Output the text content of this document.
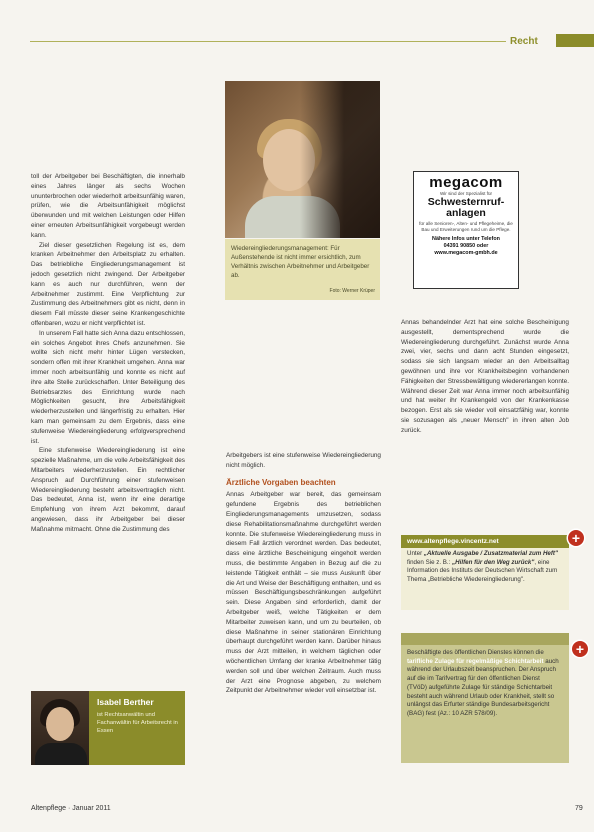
Recht

toll der Arbeitgeber bei Beschäftigten, die innerhalb eines Jahres länger als sechs Wochen ununterbrochen oder wiederholt arbeitsunfähig waren, prüfen, wie die Arbeitsunfähigkeit möglichst überwunden und mit welchen Leistungen oder Hilfen einer erneuten Arbeitsunfähigkeit vorgebeugt werden kann.

Ziel dieser gesetzlichen Regelung ist es, dem kranken Arbeitnehmer den Arbeitsplatz zu erhalten. Das betriebliche Eingliederungsmanagement ist jedoch gesetzlich nicht zwingend. Der Arbeitgeber kann es auch nur durchführen, wenn der Arbeitnehmer zustimmt. Eine Verpflichtung zur Zustimmung des Arbeitnehmers gibt es nicht, denn in diesem Fall müsste dieser seine Krankengeschichte offenbaren, wozu er nicht verpflichtet ist.

In unserem Fall hatte sich Anna dazu entschlossen, ein solches Angebot ihres Chefs anzunehmen. Sie wollte sich nicht mehr hinter Lügen verstecken, sondern offen mit ihrer Krankheit umgehen. Anna war immer noch arbeitsunfähig und konnte es nicht auf ihre alte Stelle zurückschaffen. Unter Beteiligung des Betriebsarztes des Einrichtung wurde nach Möglichkeiten gesucht, ihre Arbeitsfähigkeit wiederherzustellen und längerfristig zu erhalten. Hier kam man gemeinsam zu dem Ergebnis, dass eine stufenweise Wiedereingliederung erfolgversprechend ist.

Eine stufenweise Wiedereingliederung ist eine spezielle Maßnahme, um die volle Arbeitsfähigkeit des Mitarbeiters wiederherzustellen. Ein rechtlicher Anspruch auf Durchführung einer stufenweisen Wiedereingliederung besteht arbeitsvertraglich nicht. Das bedeutet, Anna ist, wenn ihr eine derartige Empfehlung von ihrem Arzt bekommt, darauf angewiesen, dass ihr Arbeitgeber bei dieser Maßnahme mitmacht. Ohne die Zustimmung des

Wiedereingliederungsmanagement: Für Außenstehende ist nicht immer ersichtlich, zum Verhältnis zwischen Arbeitnehmer und Arbeitgeber ab.
Foto: Werner Krüper

Arbeitgebers ist eine stufenweise Wiedereingliederung nicht möglich.

Ärztliche Vorgaben beachten

Annas Arbeitgeber war bereit, das gemeinsam gefundene Ergebnis des betrieblichen Eingliederungsmanagements umzusetzen, sodass diese Rehabilitationsmaßnahme durchgeführt werden konnte. Die stufenweise Wiedereingliederung muss in diesem Fall ärztlich verordnet werden. Das bedeutet, dass eine ärztliche Bescheinigung eingeholt werden muss, die bestimmte Angaben in Bezug auf die zu leistende Tätigkeit enthält – sie muss Auskunft über die Art und Weise der Beschäftigung enthalten, und es müssen Beschäftigungsbeschränkungen aufgeführt sein. Diese Angaben sind erforderlich, damit der Arbeitgeber weiß, welche Tätigkeiten er dem Mitarbeiter zuweisen kann, und um zu beurteilen, ob diese Maßnahme in seiner stationären Einrichtung überhaupt durchgeführt werden kann. Darüber hinaus muss der Arzt mitteilen, in welchem täglichen oder wöchentlichen Umfang der kranke Arbeitnehmer tätig werden soll und über welchen Zeitraum. Auch muss der Arzt eine Prognose abgeben, zu welchem Zeitpunkt der Arbeitnehmer wieder voll einsetzbar ist.

megacom
Wir sind der Spezialist für
Schwesternruf-anlagen
für alle Senioren-, Alten- und Pflegeheime, die Bau und Erweiterungen rund um die Pflege.
Nähere Infos unter Telefon
04391 90850 oder
www.megacom-gmbh.de

Annas behandelnder Arzt hat eine solche Bescheinigung ausgestellt, dementsprechend wurde die Wiedereingliederung durchgeführt. Zunächst wurde Anna zwei, vier, sechs und dann acht Stunden eingesetzt, sodass sie sich langsam wieder an den Arbeitsalltag gewöhnen und ihre vor Krankheitsbeginn vorhandenen Fähigkeiten der Stressbewältigung wiedererlangen konnte. Während dieser Zeit war Anna immer noch arbeitsunfähig und hat weiter ihr Krankengeld von der Krankenkasse bezogen. Erst als sie wieder voll einsatzfähig war, konnte sie sozusagen als „neuer Mensch" in ihren alten Job zurück.

www.altenpflege.vincentz.net	+
Unter „Aktuelle Ausgabe / Zusatzmaterial zum Heft" finden Sie z. B.: „Hilfen für den Weg zurück", eine Information des Instituts der Deutschen Wirtschaft zum Thema „Betriebliche Wiedereingliederung".
Beschäftigte des öffentlichen Dienstes können die tarifliche Zulage für regelmäßige Schichtarbeit auch während der Urlaubszeit beanspruchen. Der Anspruch auf die im Tarifvertrag für den öffentlichen Dienst (TVöD) aufgeführte Zulage für ständige Schichtarbeit besteht auch während Urlaub oder Krankheit, stellt so unlängst das Erfurter ständige Bundesarbeitsgericht (BAG) fest (Az.: 10 AZR 578/09).
+
Isabel Berther
ist Rechtsanwältin und Fachanwältin für Arbeitsrecht in Essen
Altenpflege · Januar 2011	79
